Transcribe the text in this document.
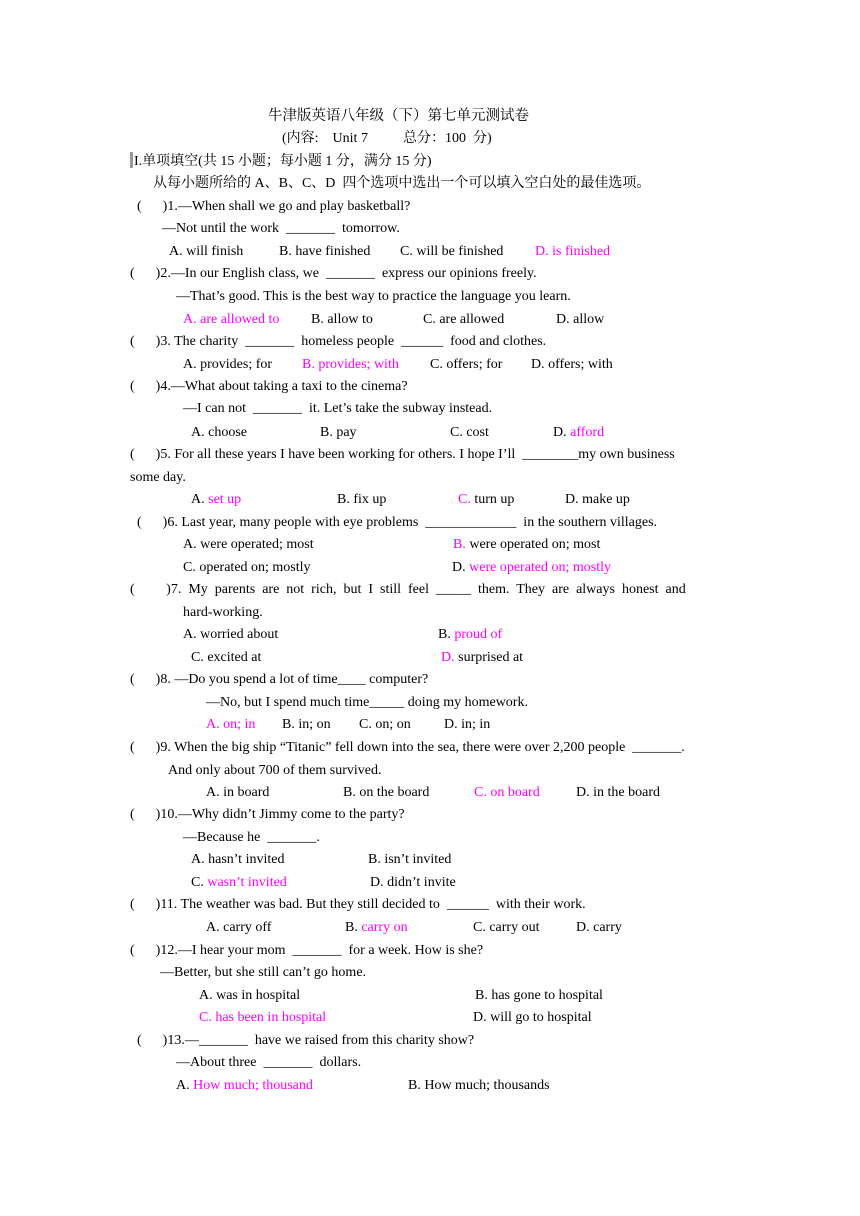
牛津版英语八年级（下）第七单元测试卷
(内容:    Unit 7          总分：100  分)
I.单项填空(共 15 小题；每小题 1 分，满分 15 分)
从每小题所给的 A、B、C、D  四个选项中选出一个可以填入空白处的最佳选项。
(      )1.—When shall we go and play basketball?
—Not until the work  _______  tomorrow.
A. will finish	B. have finished C. will be finished D. is finished
(      )2.—In our English class, we  _______  express our opinions freely.
—That’s good. This is the best way to practice the language you learn.
A. are allowed to B. allow to	C. are allowed	D. allow
(      )3. The charity  _______  homeless people  ______  food and clothes.
A. provides; for B. provides; with C. offers; for D. offers; with
(      )4.—What about taking a taxi to the cinema?
—I can not  _______  it. Let’s take the subway instead.
A. choose	B. pay	C. cost	D. afford
(      )5. For all these years I have been working for others. I hope I’ll  ________my own business
some day.
A. set up	B. fix up	C. turn up	D. make up
(      )6. Last year, many people with eye problems  _____________  in the southern villages.
A. were operated; most	B. were operated on; most
C. operated on; mostly	D. were operated on; mostly
(         )7.  My  parents  are  not  rich,  but  I  still  feel  _____  them.  They  are  always  honest  and
hard-working.
A. worried about	B. proud of
C. excited at	D. surprised at
(      )8. —Do you spend a lot of time____ computer?
—No, but I spend much time_____ doing my homework.
A. on; in B. in; on C. on; on D. in; in
(      )9. When the big ship “Titanic” fell down into the sea, there were over 2,200 people  _______.
And only about 700 of them survived.
A. in board	B. on the board	C. on board	D. in the board
(      )10.—Why didn’t Jimmy come to the party?
—Because he  _______.
A. hasn’t invited	B. isn’t invited
C. wasn’t invited	D. didn’t invite
(      )11. The weather was bad. But they still decided to  ______  with their work.
A. carry off	B. carry on	C. carry out	D. carry
(      )12.—I hear your mom  _______  for a week. How is she?
—Better, but she still can’t go home.
A. was in hospital	B. has gone to hospital
C. has been in hospital	D. will go to hospital
(      )13.—_______  have we raised from this charity show?
—About three  _______  dollars.
A. How much; thousand	B. How much; thousands
